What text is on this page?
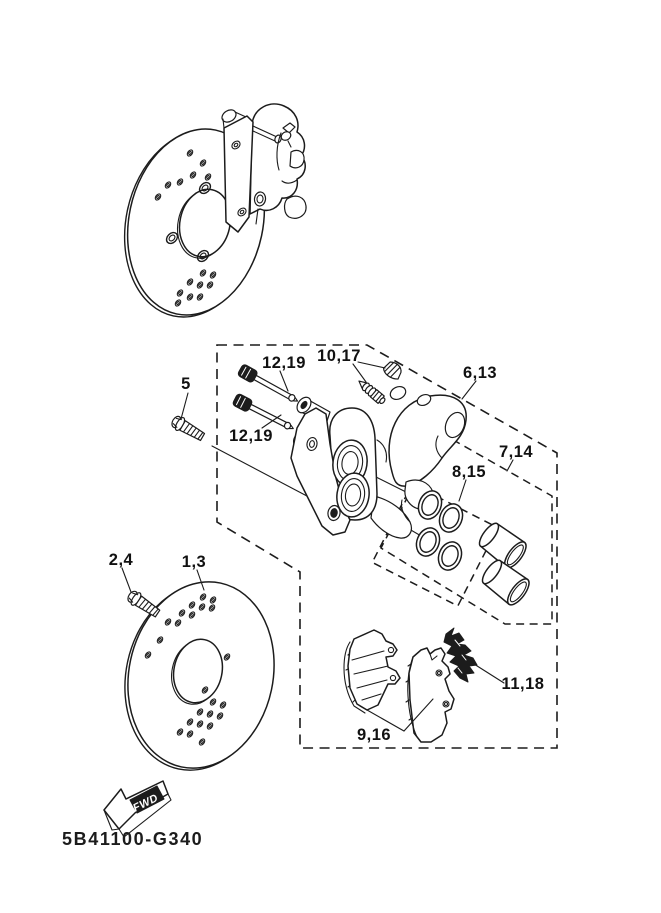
5
12,19
12,19
10,17
6,13
7,14
8,15
2,4	1,3
9,16
11,18
FWD
5B41100-G340
